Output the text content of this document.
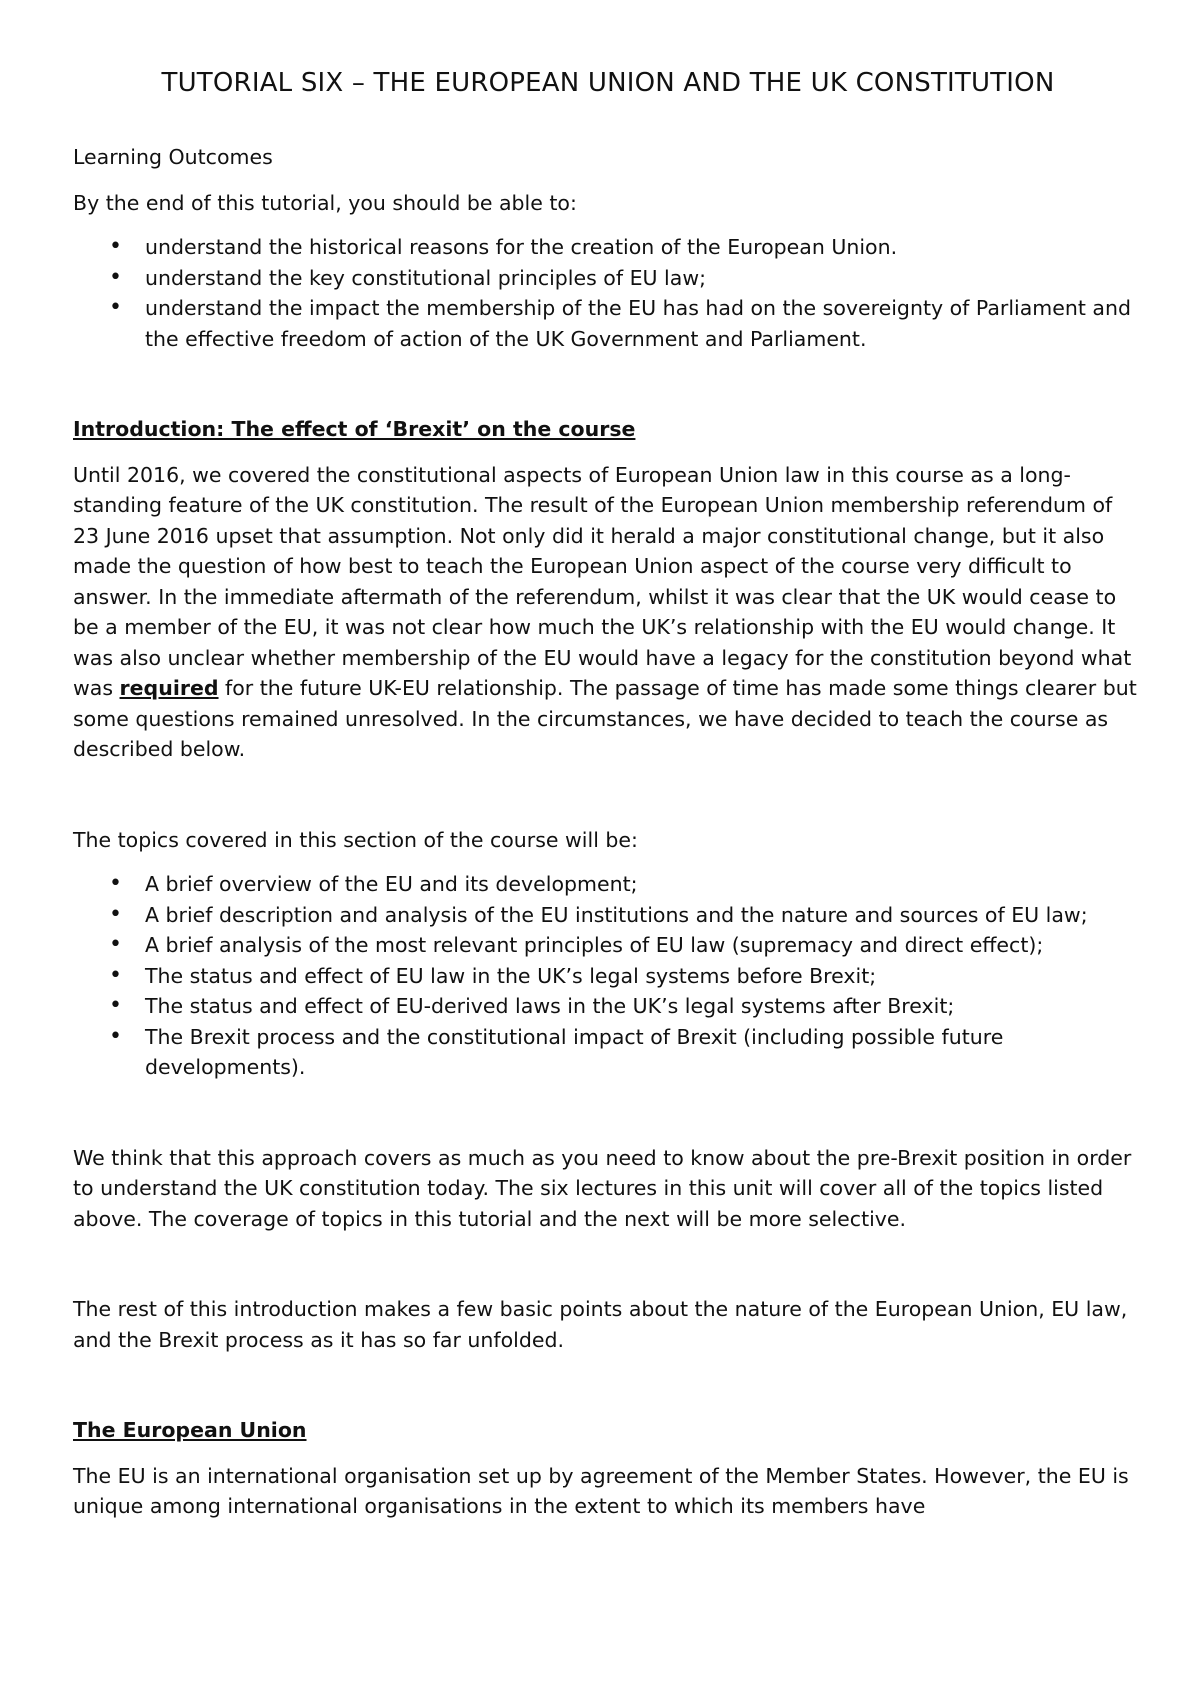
TUTORIAL SIX – THE EUROPEAN UNION AND THE UK CONSTITUTION

Learning Outcomes

By the end of this tutorial, you should be able to:

• understand the historical reasons for the creation of the European Union.
• understand the key constitutional principles of EU law;
• understand the impact the membership of the EU has had on the sovereignty of Parliament and the effective freedom of action of the UK Government and Parliament.
Introduction: The effect of ‘Brexit’ on the course

Until 2016, we covered the constitutional aspects of European Union law in this course as a long-standing feature of the UK constitution. The result of the European Union membership referendum of 23 June 2016 upset that assumption. Not only did it herald a major constitutional change, but it also made the question of how best to teach the European Union aspect of the course very difficult to answer. In the immediate aftermath of the referendum, whilst it was clear that the UK would cease to be a member of the EU, it was not clear how much the UK’s relationship with the EU would change. It was also unclear whether membership of the EU would have a legacy for the constitution beyond what was required for the future UK-EU relationship. The passage of time has made some things clearer but some questions remained unresolved. In the circumstances, we have decided to teach the course as described below.

The topics covered in this section of the course will be:

• A brief overview of the EU and its development;
• A brief description and analysis of the EU institutions and the nature and sources of EU law;
• A brief analysis of the most relevant principles of EU law (supremacy and direct effect);
• The status and effect of EU law in the UK’s legal systems before Brexit;
• The status and effect of EU-derived laws in the UK’s legal systems after Brexit;
• The Brexit process and the constitutional impact of Brexit (including possible future developments).

We think that this approach covers as much as you need to know about the pre-Brexit position in order to understand the UK constitution today. The six lectures in this unit will cover all of the topics listed above. The coverage of topics in this tutorial and the next will be more selective.

The rest of this introduction makes a few basic points about the nature of the European Union, EU law, and the Brexit process as it has so far unfolded.

The European Union

The EU is an international organisation set up by agreement of the Member States. However, the EU is unique among international organisations in the extent to which its members have
